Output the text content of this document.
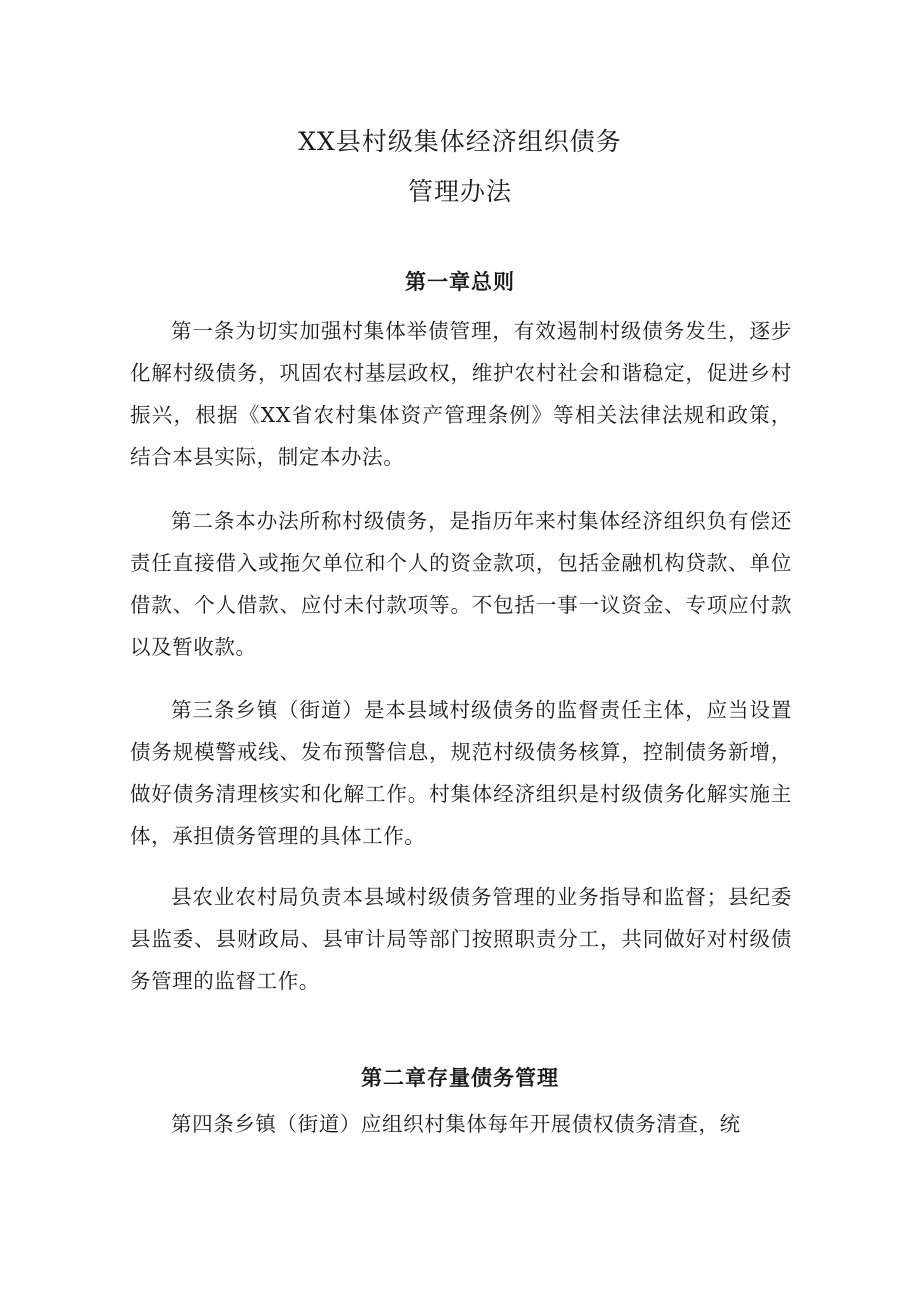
XX县村级集体经济组织债务
管理办法
第一章总则
第一条为切实加强村集体举债管理，有效遏制村级债务发生，逐步化解村级债务，巩固农村基层政权，维护农村社会和谐稳定，促进乡村振兴，根据《XX省农村集体资产管理条例》等相关法律法规和政策，结合本县实际，制定本办法。
第二条本办法所称村级债务，是指历年来村集体经济组织负有偿还责任直接借入或拖欠单位和个人的资金款项，包括金融机构贷款、单位借款、个人借款、应付未付款项等。不包括一事一议资金、专项应付款以及暂收款。
第三条乡镇（街道）是本县域村级债务的监督责任主体，应当设置债务规模警戒线、发布预警信息，规范村级债务核算，控制债务新增，做好债务清理核实和化解工作。村集体经济组织是村级债务化解实施主体，承担债务管理的具体工作。
县农业农村局负责本县域村级债务管理的业务指导和监督；县纪委县监委、县财政局、县审计局等部门按照职责分工，共同做好对村级债务管理的监督工作。
第二章存量债务管理
第四条乡镇（街道）应组织村集体每年开展债权债务清查，统
